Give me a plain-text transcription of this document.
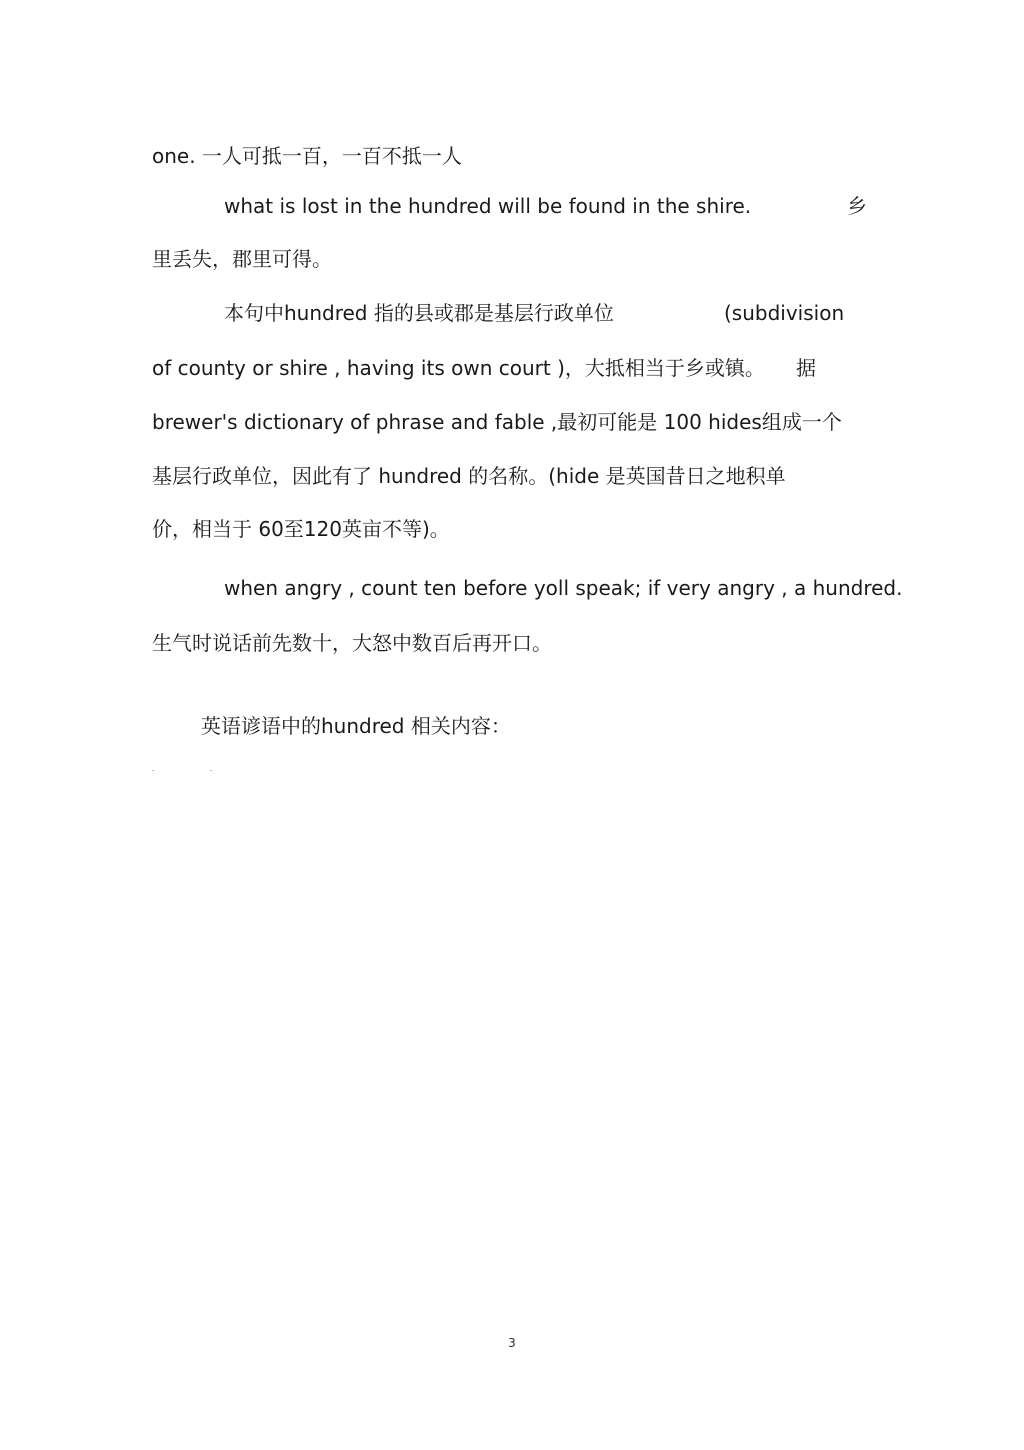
one. 一人可抵一百，一百不抵一人
what is lost in the hundred will be found in the shire.	乡
里丢失，郡里可得。
本句中hundred 指的县或郡是基层行政单位	(subdivision
of county or shire , having its own court )，大抵相当于乡或镇。 据
brewer's dictionary of phrase and fable ,最初可能是 100 hides组成一个
基层行政单位，因此有了 hundred 的名称。(hide 是英国昔日之地积单
价，相当于 60至120英亩不等)。
when angry , count ten before yoll speak; if very angry , a hundred.
生气时说话前先数十，大怒中数百后再开口。
英语谚语中的hundred 相关内容：
3
